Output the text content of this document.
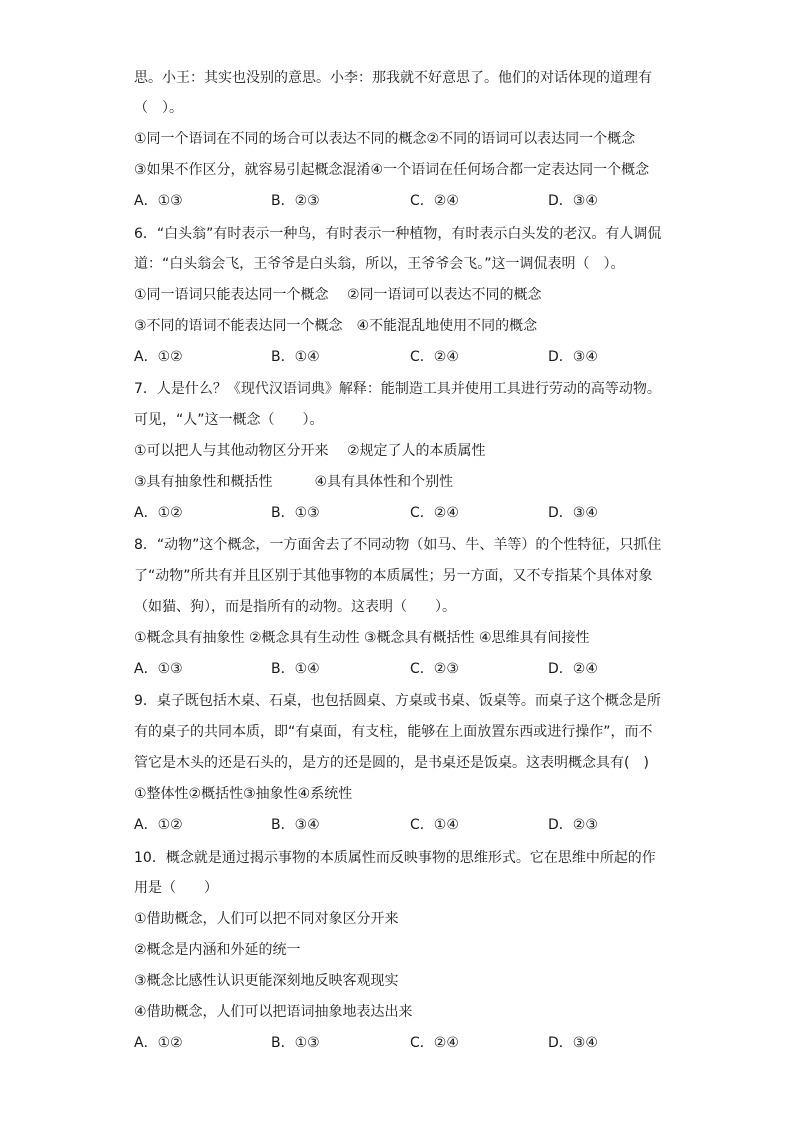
思。小王：其实也没别的意思。小李：那我就不好意思了。他们的对话体现的道理有
（　）。
①同一个语词在不同的场合可以表达不同的概念②不同的语词可以表达同一个概念
③如果不作区分，就容易引起概念混淆④一个语词在任何场合都一定表达同一个概念
A．①③	B．②③	C．②④	D．③④
6．“白头翁”有时表示一种鸟，有时表示一种植物，有时表示白头发的老汉。有人调侃
道：“白头翁会飞，王爷爷是白头翁，所以，王爷爷会飞。”这一调侃表明（　）。
①同一语词只能表达同一个概念　 ②同一语词可以表达不同的概念
③不同的语词不能表达同一个概念　④不能混乱地使用不同的概念
A．①②	B．①④	C．②④	D．③④
7．人是什么？《现代汉语词典》解释：能制造工具并使用工具进行劳动的高等动物。
可见，“人”这一概念（　　）。
①可以把人与其他动物区分开来　 ②规定了人的本质属性
③具有抽象性和概括性　　　④具有具体性和个别性
A．①②	B．①③	C．②④	D．③④
8．“动物”这个概念，一方面舍去了不同动物（如马、牛、羊等）的个性特征，只抓住
了“动物”所共有并且区别于其他事物的本质属性；另一方面，又不专指某个具体对象
（如猫、狗），而是指所有的动物。这表明（　　）。
①概念具有抽象性 ②概念具有生动性 ③概念具有概括性 ④思维具有间接性
A．①③	B．①④	C．②③	D．②④
9．桌子既包括木桌、石桌，也包括圆桌、方桌或书桌、饭桌等。而桌子这个概念是所
有的桌子的共同本质，即“有桌面，有支柱，能够在上面放置东西或进行操作”，而不
管它是木头的还是石头的，是方的还是圆的，是书桌还是饭桌。这表明概念具有(　)
①整体性②概括性③抽象性④系统性
A．①②	B．③④	C．①④	D．②③
10．概念就是通过揭示事物的本质属性而反映事物的思维形式。它在思维中所起的作
用是（　　）
①借助概念，人们可以把不同对象区分开来
②概念是内涵和外延的统一
③概念比感性认识更能深刻地反映客观现实
④借助概念，人们可以把语词抽象地表达出来
A．①②	B．①③	C．②④	D．③④
